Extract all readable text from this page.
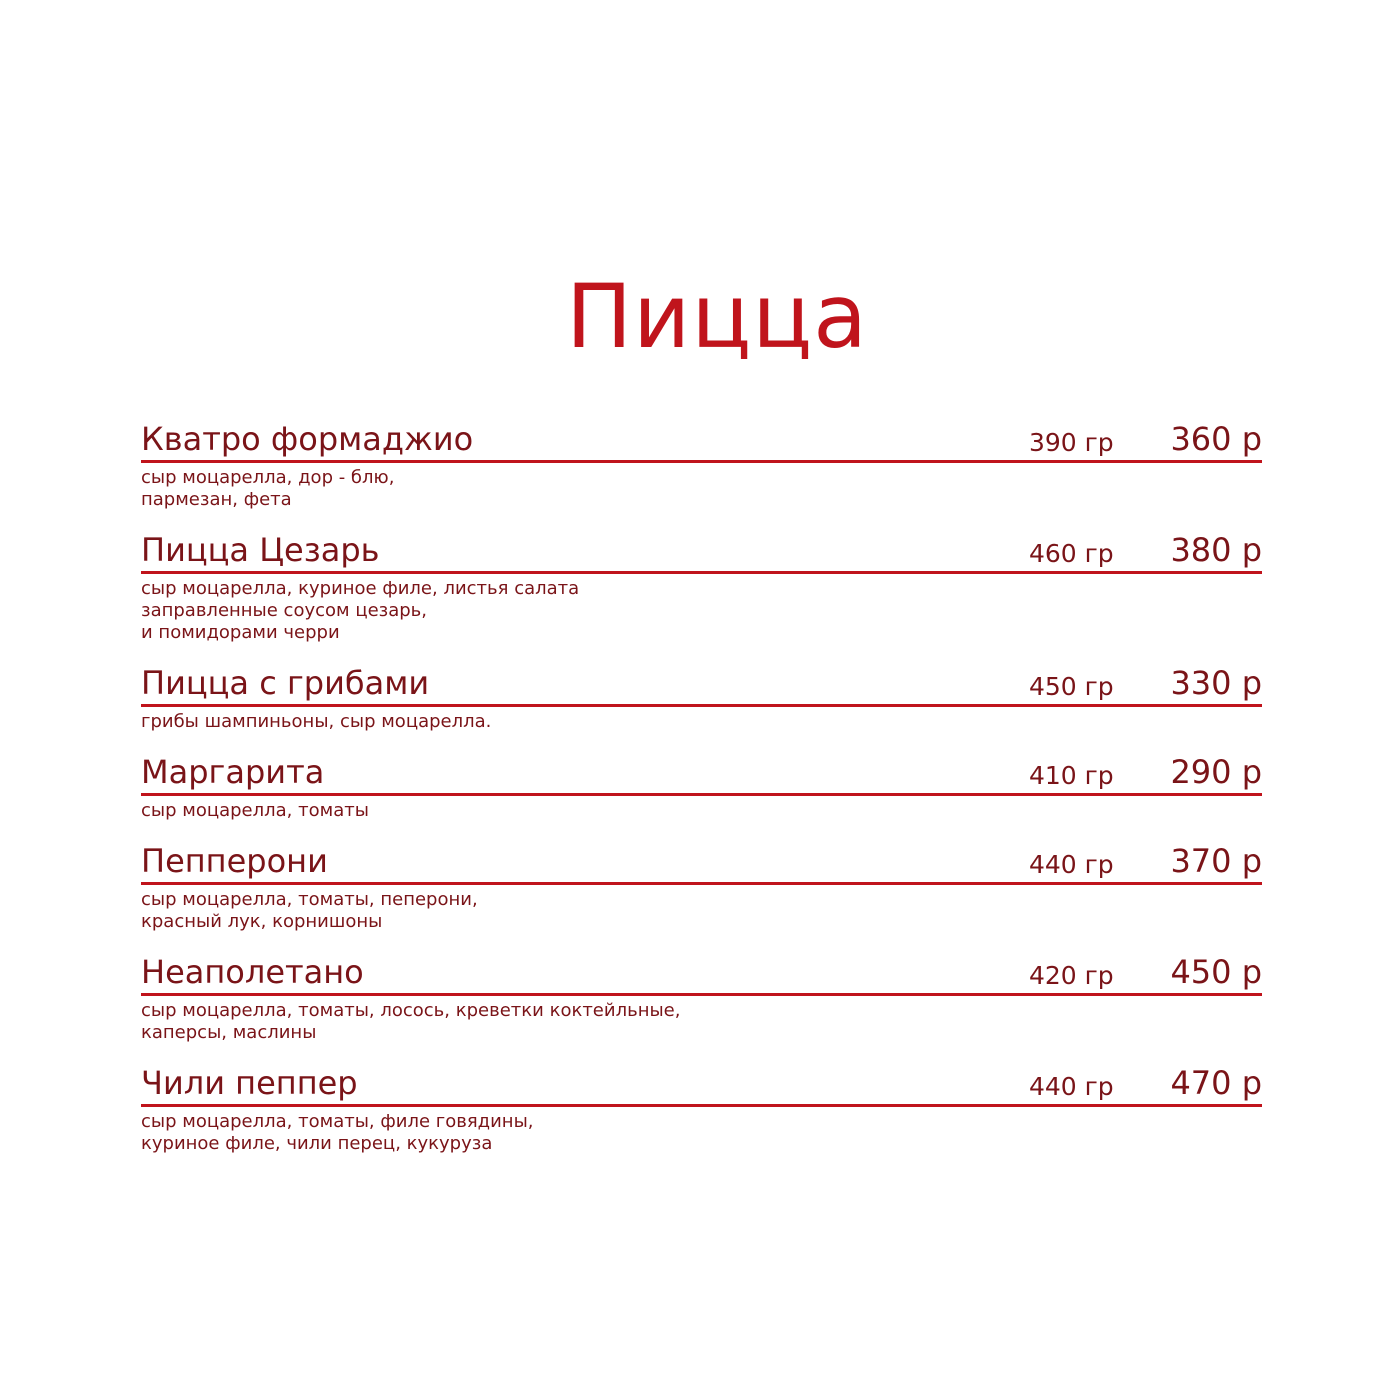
Пицца
Кватро формаджио	390 гр 360 р
сыр моцарелла, дор - блю,
пармезан, фета
Пицца Цезарь	460 гр 380 р
сыр моцарелла, куриное филе, листья салата
заправленные соусом цезарь,
и помидорами черри
Пицца с грибами	450 гр 330 р
грибы шампиньоны, сыр моцарелла.
Маргарита	410 гр 290 р
сыр моцарелла, томаты
Пепперони	440 гр 370 р
сыр моцарелла, томаты, пеперони,
красный лук, корнишоны
Неаполетано	420 гр 450 р
сыр моцарелла, томаты, лосось, креветки коктейльные,
каперсы, маслины
Чили пеппер	440 гр 470 р
сыр моцарелла, томаты, филе говядины,
куриное филе, чили перец, кукуруза
